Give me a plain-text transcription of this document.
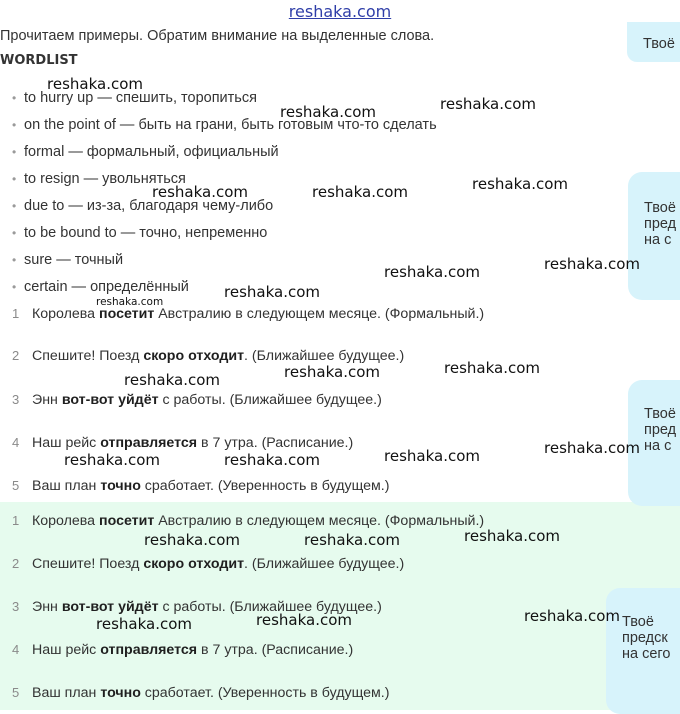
reshaka.com
Прочитаем примеры. Обратим внимание на выделенные слова.
WORDLIST
• to hurry up — спешить, торопиться
• on the point of — быть на грани, быть готовым что-то сделать
• formal — формальный, официальный
• to resign — увольняться
• due to — из-за, благодаря чему-либо
• to be bound to — точно, непременно
• sure — точный
• certain — определённый
1 Королева посетит Австралию в следующем месяце. (Формальный.)
2 Спешите! Поезд скоро отходит. (Ближайшее будущее.)
3 Энн вот-вот уйдёт с работы. (Ближайшее будущее.)
4 Наш рейс отправляется в 7 утра. (Расписание.)
5 Ваш план точно сработает. (Уверенность в будущем.)
1 Королева посетит Австралию в следующем месяце. (Формальный.)
2 Спешите! Поезд скоро отходит. (Ближайшее будущее.)
3 Энн вот-вот уйдёт с работы. (Ближайшее будущее.)
4 Наш рейс отправляется в 7 утра. (Расписание.)
5 Ваш план точно сработает. (Уверенность в будущем.)
Твоё
Твоё
пред
на с
Твоё
пред
на с
Твоё
предск
на сего
reshaka.com
reshaka.com	reshaka.com
reshaka.com	reshaka.com	reshaka.com
reshaka.com	reshaka.com
reshaka.com
reshaka.com
reshaka.com	reshaka.com	reshaka.com
reshaka.com	reshaka.com	reshaka.com	reshaka.com
reshaka.com	reshaka.com	reshaka.com
reshaka.com
reshaka.com	reshaka.com
